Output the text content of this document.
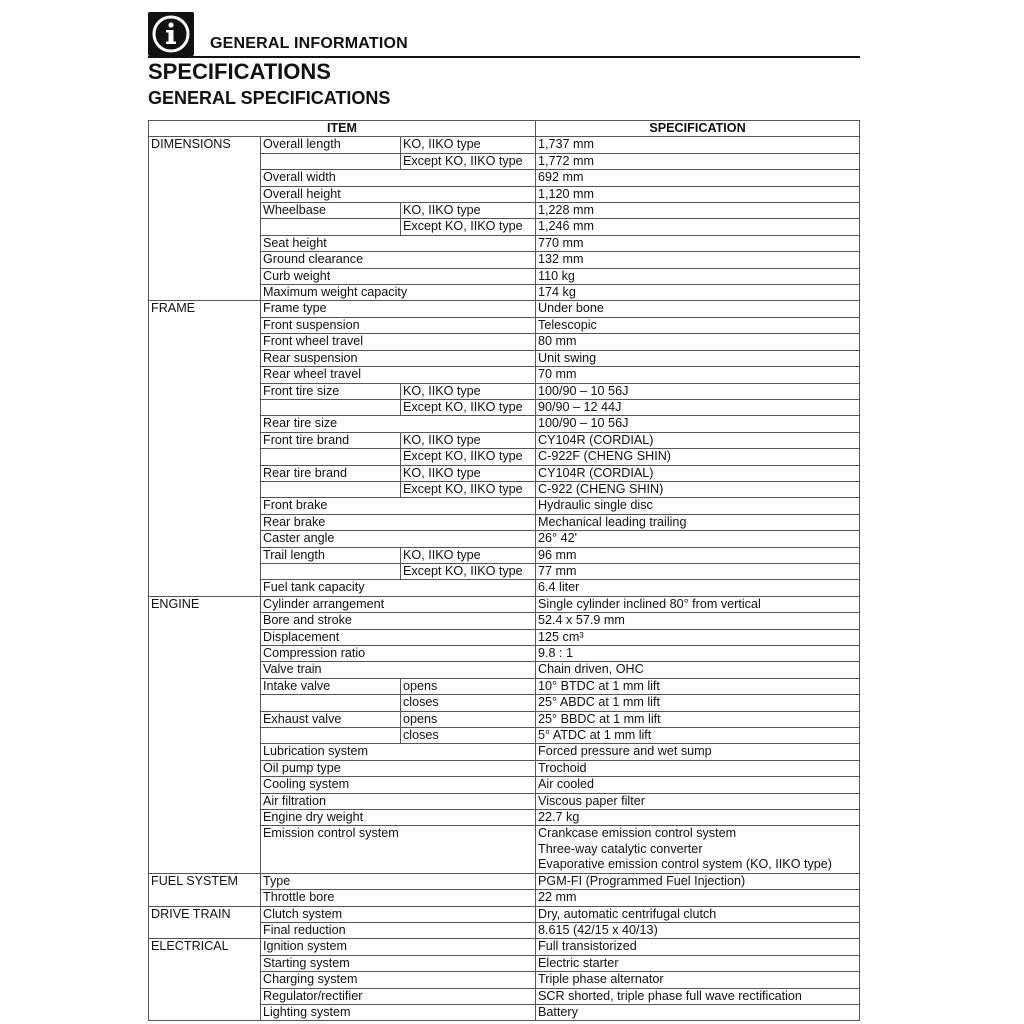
GENERAL INFORMATION
SPECIFICATIONS
GENERAL SPECIFICATIONS
ITEM			SPECIFICATION
DIMENSIONS	Overall length	KO, IIKO type	1,737 mm
		Except KO, IIKO type	1,772 mm
	Overall width		692 mm
	Overall height		1,120 mm
	Wheelbase	KO, IIKO type	1,228 mm
		Except KO, IIKO type	1,246 mm
	Seat height		770 mm
	Ground clearance		132 mm
	Curb weight		110 kg
	Maximum weight capacity		174 kg
FRAME	Frame type		Under bone
	Front suspension		Telescopic
	Front wheel travel		80 mm
	Rear suspension		Unit swing
	Rear wheel travel		70 mm
	Front tire size	KO, IIKO type	100/90 – 10 56J
		Except KO, IIKO type	90/90 – 12 44J
	Rear tire size		100/90 – 10 56J
	Front tire brand	KO, IIKO type	CY104R (CORDIAL)
		Except KO, IIKO type	C-922F (CHENG SHIN)
	Rear tire brand	KO, IIKO type	CY104R (CORDIAL)
		Except KO, IIKO type	C-922 (CHENG SHIN)
	Front brake		Hydraulic single disc
	Rear brake		Mechanical leading trailing
	Caster angle		26° 42'
	Trail length	KO, IIKO type	96 mm
		Except KO, IIKO type	77 mm
	Fuel tank capacity		6.4 liter
ENGINE	Cylinder arrangement		Single cylinder inclined 80° from vertical
	Bore and stroke		52.4 x 57.9 mm
	Displacement		125 cm³
	Compression ratio		9.8 : 1
	Valve train		Chain driven, OHC
	Intake valve	opens	10° BTDC at 1 mm lift
		closes	25° ABDC at 1 mm lift
	Exhaust valve	opens	25° BBDC at 1 mm lift
		closes	5° ATDC at 1 mm lift
	Lubrication system		Forced pressure and wet sump
	Oil pump type		Trochoid
	Cooling system		Air cooled
	Air filtration		Viscous paper filter
	Engine dry weight		22.7 kg
	Emission control system		Crankcase emission control system
Three-way catalytic converter
Evaporative emission control system (KO, IIKO type)

FUEL SYSTEM	Type		PGM-FI (Programmed Fuel Injection)
	Throttle bore		22 mm
DRIVE TRAIN	Clutch system		Dry, automatic centrifugal clutch
	Final reduction		8.615 (42/15 x 40/13)
ELECTRICAL	Ignition system		Full transistorized
	Starting system		Electric starter
	Charging system		Triple phase alternator
	Regulator/rectifier		SCR shorted, triple phase full wave rectification
	Lighting system		Battery
